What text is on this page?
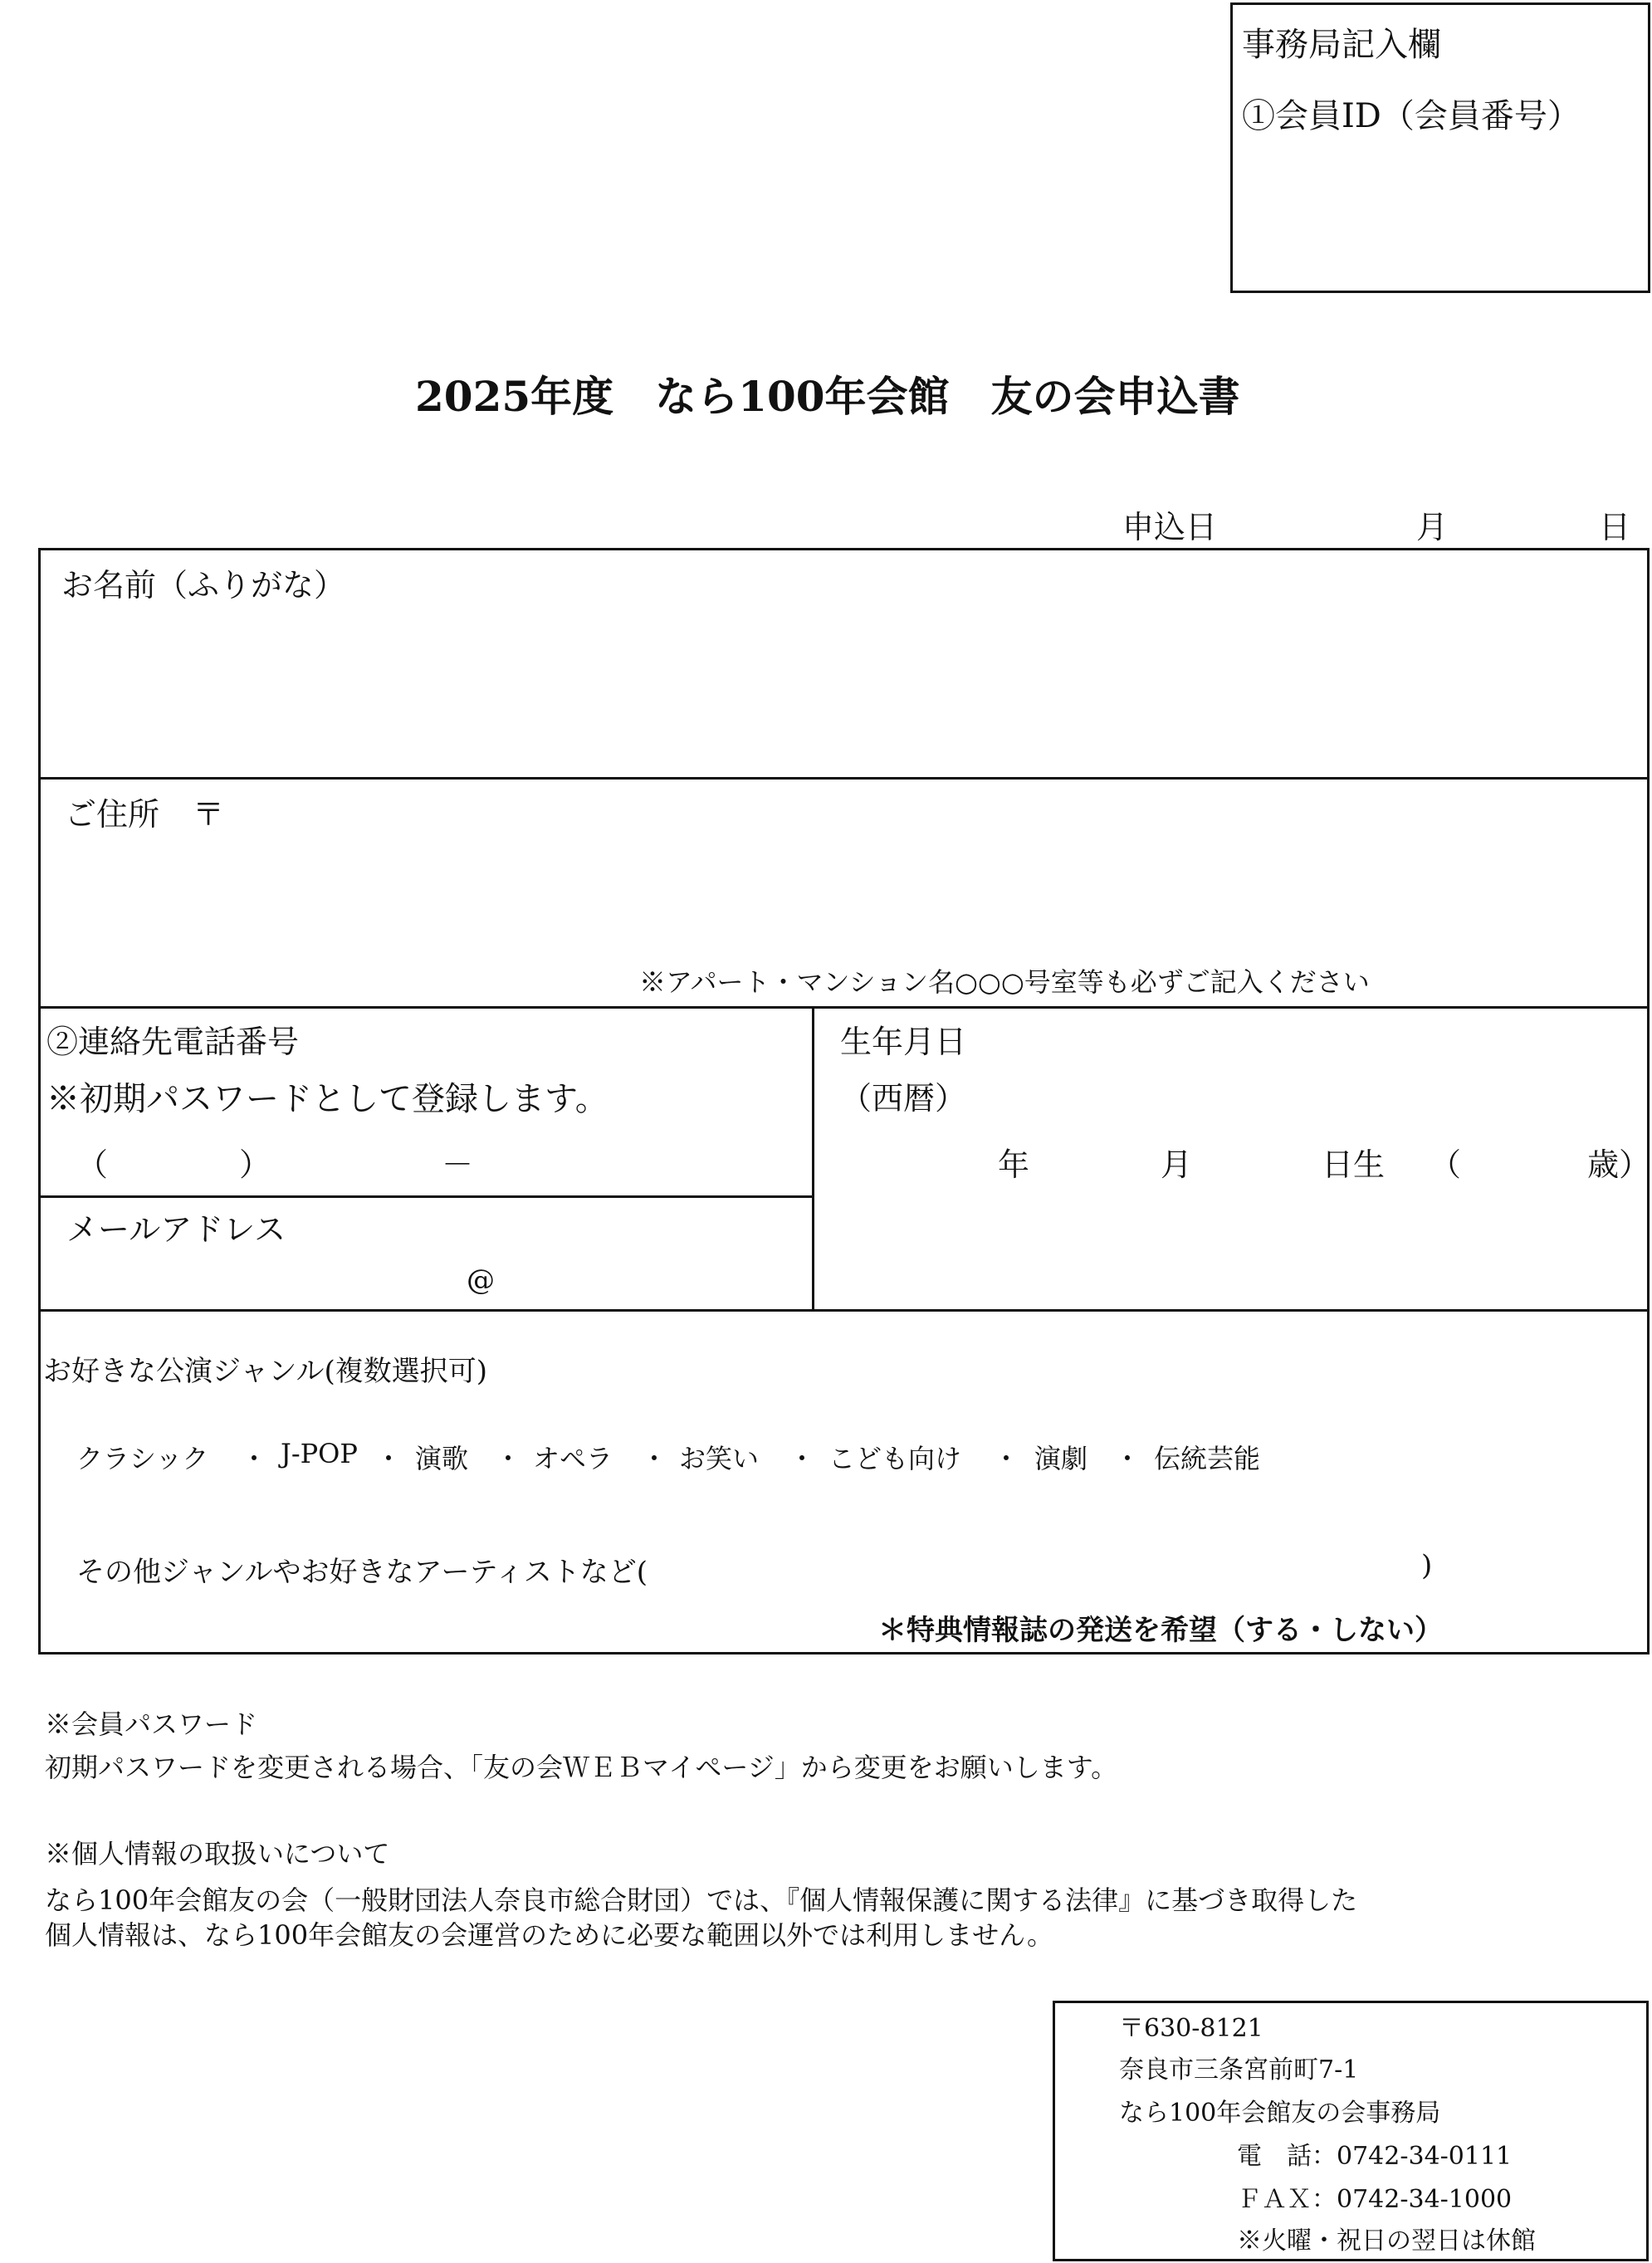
事務局記入欄
①会員ID（会員番号）
2025年度　なら100年会館　友の会申込書
申込日	月	日
お名前（ふりがな）
ご住所 〒
※アパート・マンション名○○○号室等も必ずご記入ください
②連絡先電話番号
※初期パスワードとして登録します。
（	）	－
メールアドレス
@
生年月日
（西暦）
年	月	日生 （	歳）
お好きな公演ジャンル(複数選択可)
クラシック ・ J-POP ・ 演歌 ・ オペラ ・ お笑い ・ こども向け ・ 演劇 ・ 伝統芸能
その他ジャンルやお好きなアーティストなど(	)
＊特典情報誌の発送を希望（する・しない）
※会員パスワード
初期パスワードを変更される場合、「友の会ＷＥＢマイページ」から変更をお願いします。
※個人情報の取扱いについて
なら100年会館友の会（一般財団法人奈良市総合財団）では、『個人情報保護に関する法律』に基づき取得した
個人情報は、なら100年会館友の会運営のために必要な範囲以外では利用しません。
〒630-8121
奈良市三条宮前町7-1
なら100年会館友の会事務局
電　話：0742-34-0111
ＦＡＸ：0742-34-1000
※火曜・祝日の翌日は休館
